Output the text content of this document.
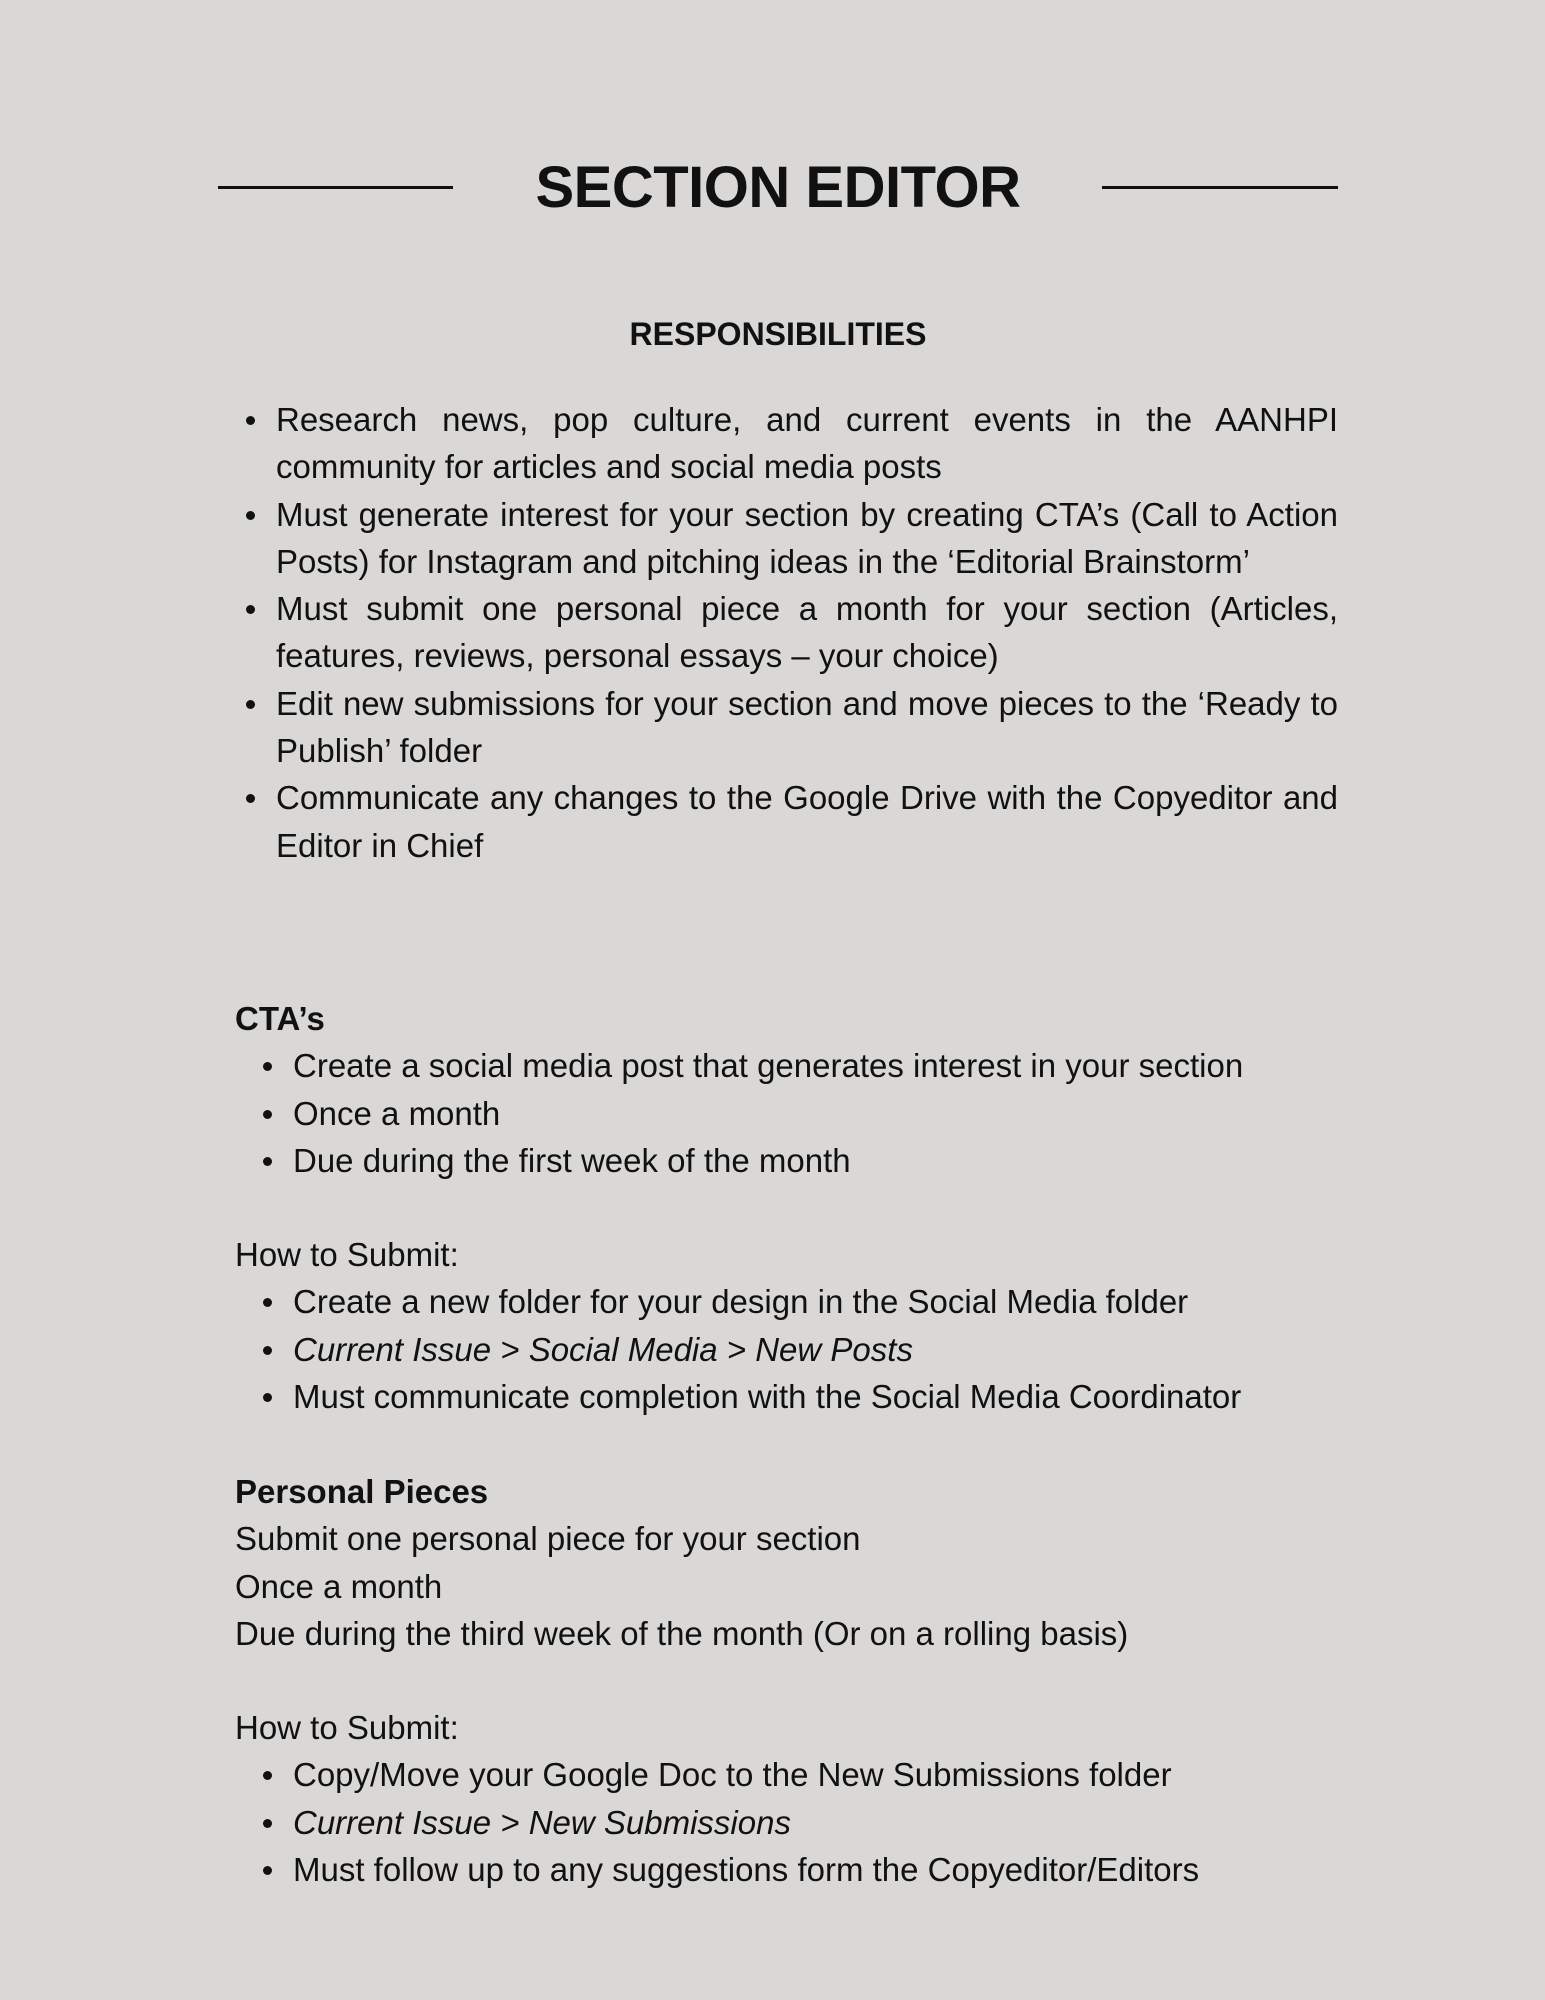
SECTION EDITOR
RESPONSIBILITIES
Research news, pop culture, and current events in the AANHPI community for articles and social media posts
Must generate interest for your section by creating CTA’s (Call to Action Posts) for Instagram and pitching ideas in the ‘Editorial Brainstorm’
Must submit one personal piece a month for your section (Articles, features, reviews, personal essays – your choice)
Edit new submissions for your section and move pieces to the ‘Ready to Publish’ folder
Communicate any changes to the Google Drive with the Copyeditor and Editor in Chief

CTA’s

Create a social media post that generates interest in your section
Once a month
Due during the first week of the month

How to Submit:

Create a new folder for your design in the Social Media folder
Current Issue > Social Media > New Posts
Must communicate completion with the Social Media Coordinator

Personal Pieces

Submit one personal piece for your section

Once a month

Due during the third week of the month (Or on a rolling basis)

How to Submit:

Copy/Move your Google Doc to the New Submissions folder
Current Issue > New Submissions
Must follow up to any suggestions form the Copyeditor/Editors
